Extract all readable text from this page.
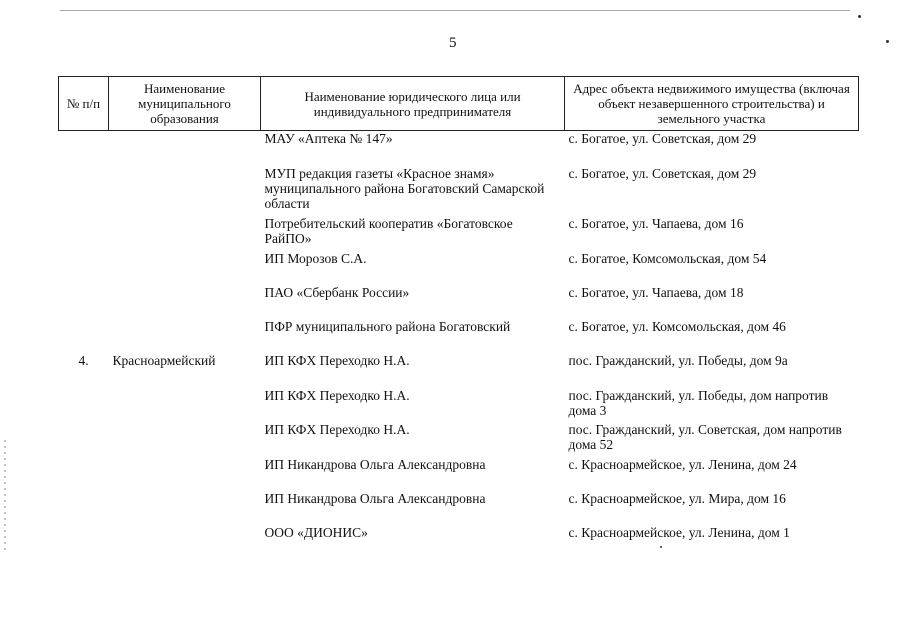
5
№ п/п	Наименование муниципального образования	Наименование юридического лица или индивидуального предпринимателя	Адрес объекта недвижимого имущества (включая объект незавершенного строительства) и земельного участка
		МАУ «Аптека № 147»	с. Богатое, ул. Советская, дом 29
		МУП редакция газеты «Красное знамя» муниципального района Богатовский Самарской области	с. Богатое, ул. Советская, дом 29
		Потребительский кооператив «Богатовское РайПО»	с. Богатое, ул. Чапаева, дом 16
		ИП Морозов С.А.	с. Богатое, Комсомольская, дом 54
		ПАО «Сбербанк России»	с. Богатое, ул. Чапаева, дом 18
		ПФР муниципального района Богатовский	с. Богатое, ул. Комсомольская, дом 46
4.	Красноармейский	ИП КФХ Переходко Н.А.	пос. Гражданский, ул. Победы, дом 9а
		ИП КФХ Переходко Н.А.	пос. Гражданский, ул. Победы, дом напротив дома 3
		ИП КФХ Переходко Н.А.	пос. Гражданский, ул. Советская, дом напротив дома 52
		ИП Никандрова Ольга Александровна	с. Красноармейское, ул. Ленина, дом 24
		ИП Никандрова Ольга Александровна	с. Красноармейское, ул. Мира, дом 16
		ООО «ДИОНИС»	с. Красноармейское, ул. Ленина, дом 1
